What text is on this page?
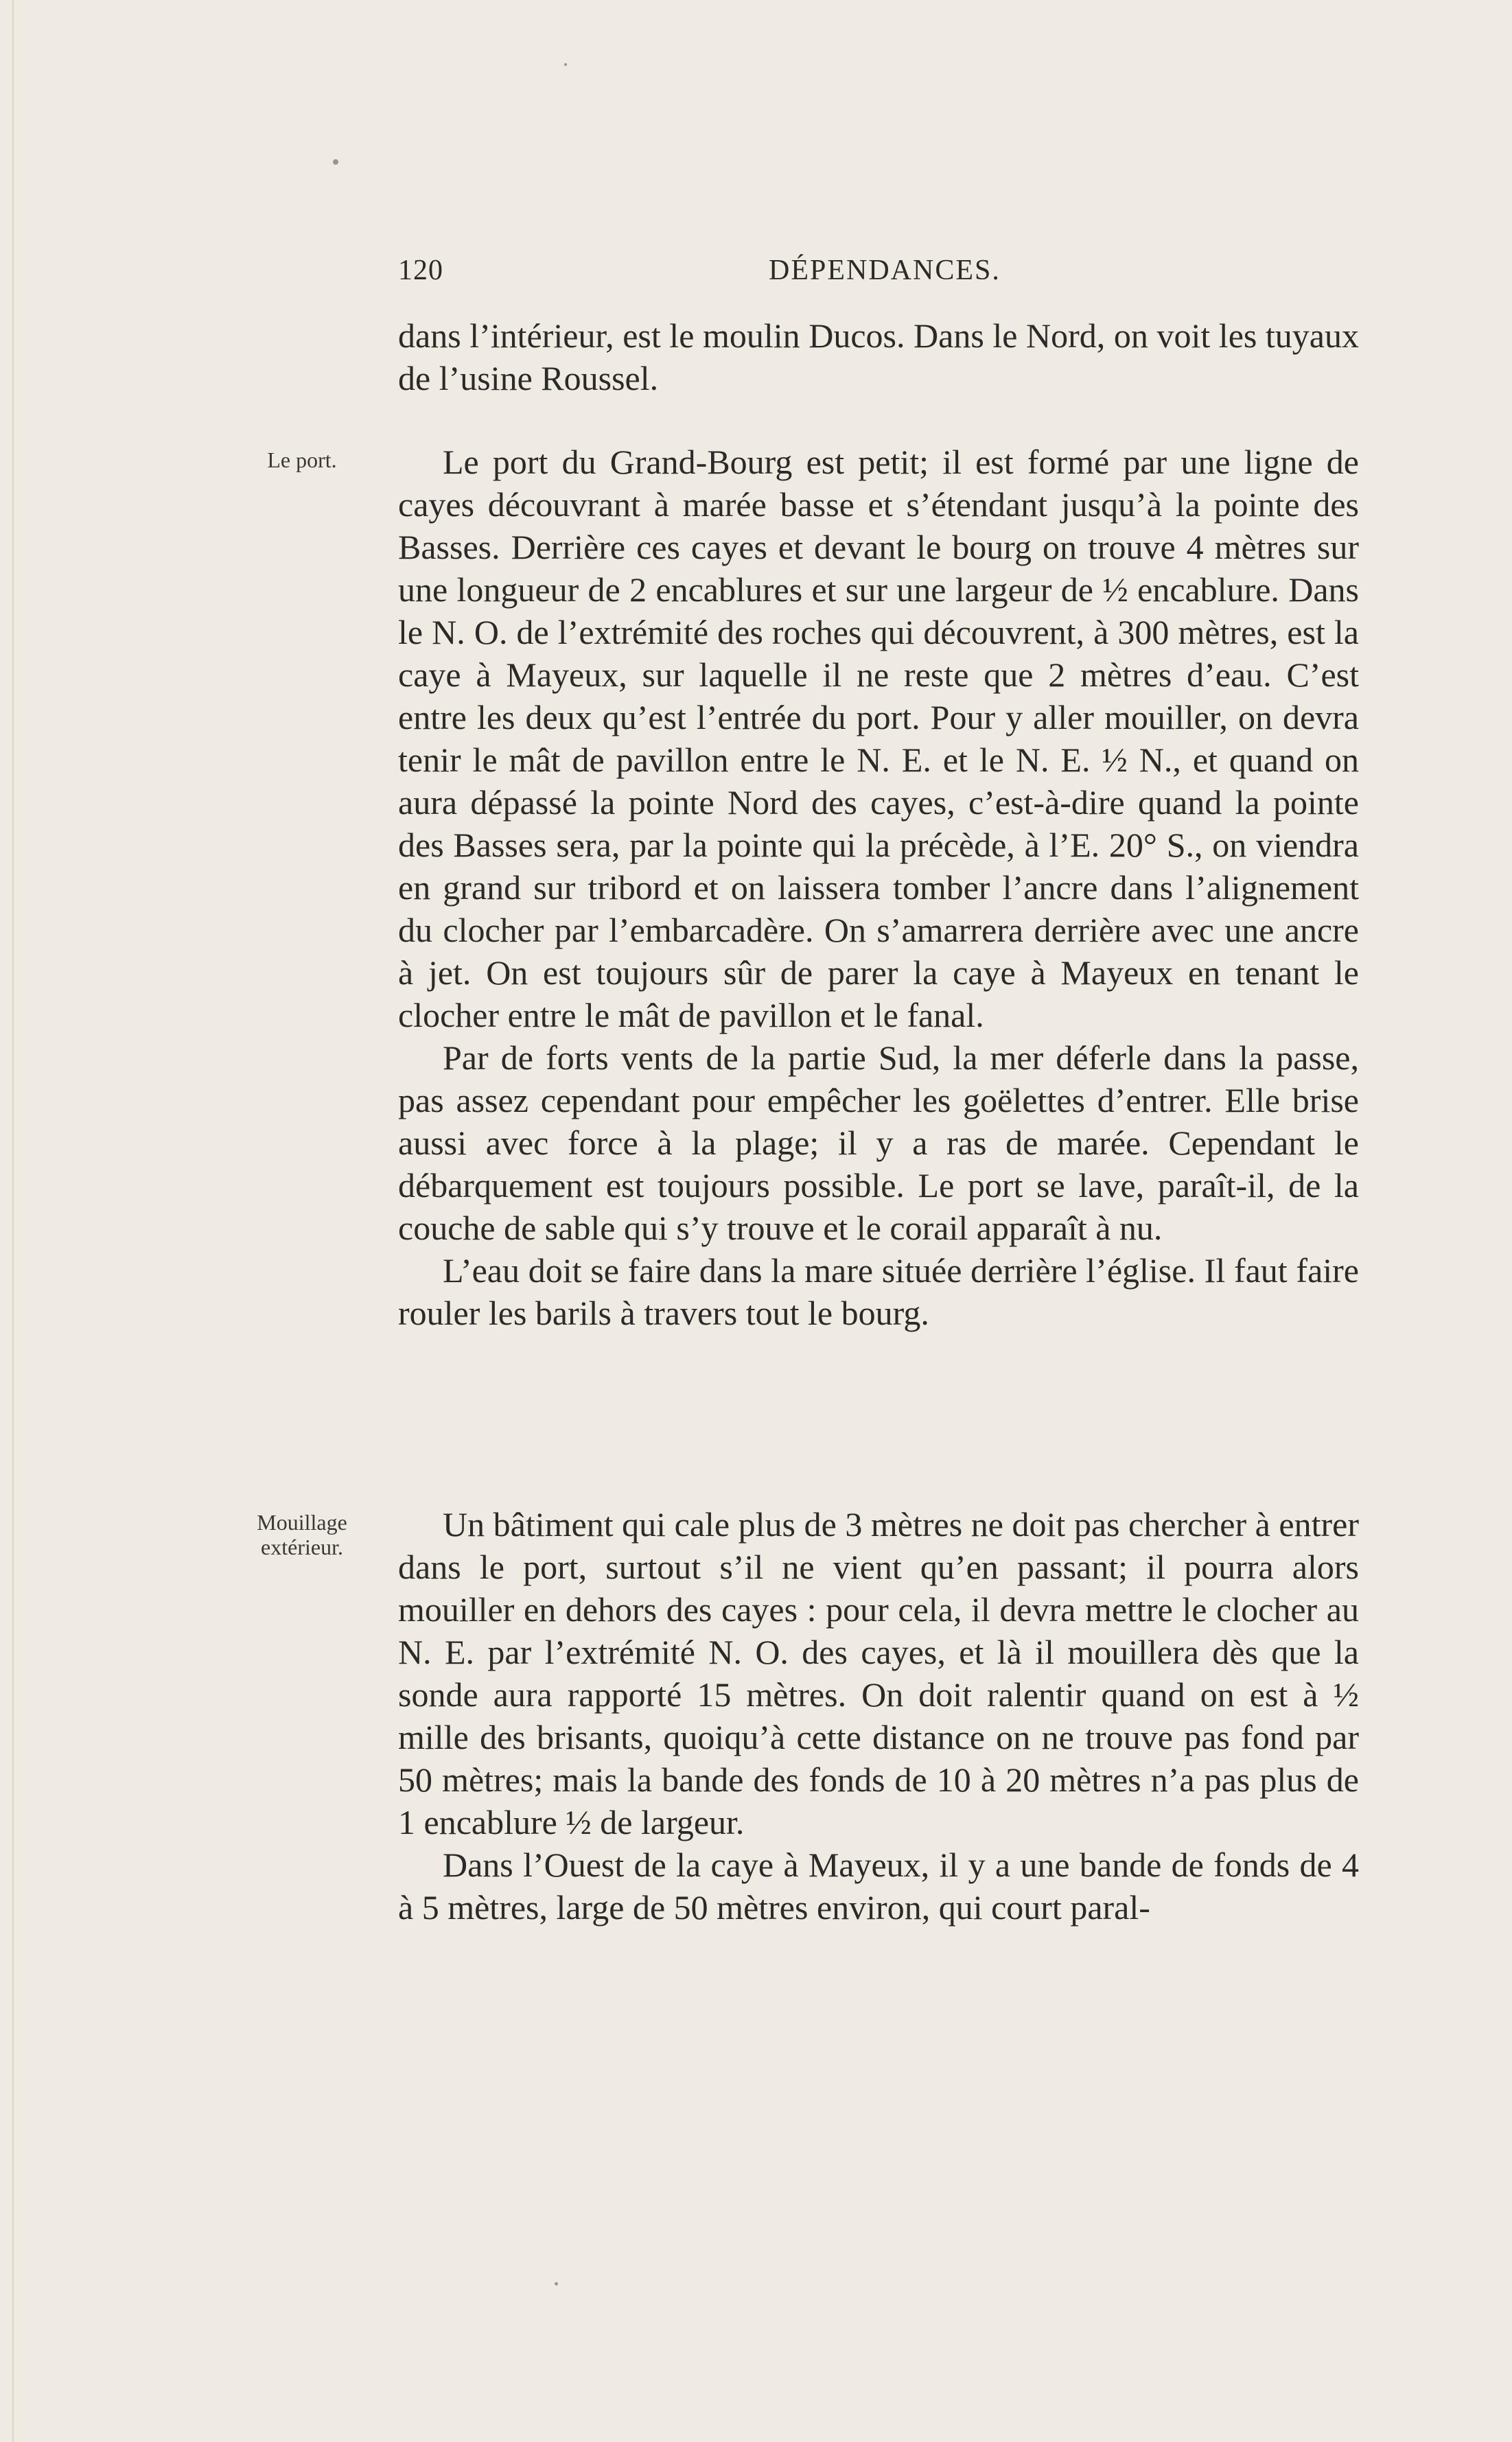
120	DÉPENDANCES.
Le port.
Mouillage extérieur.

dans l’intérieur, est le moulin Ducos. Dans le Nord, on voit les tuyaux de l’usine Roussel.

Le port du Grand-Bourg est petit; il est formé par une ligne de cayes découvrant à marée basse et s’étendant jusqu’à la pointe des Basses. Derrière ces cayes et devant le bourg on trouve 4 mètres sur une longueur de 2 encablures et sur une largeur de ½ encablure. Dans le N. O. de l’extrémité des roches qui découvrent, à 300 mètres, est la caye à Mayeux, sur laquelle il ne reste que 2 mètres d’eau. C’est entre les deux qu’est l’entrée du port. Pour y aller mouiller, on devra tenir le mât de pavillon entre le N. E. et le N. E. ½ N., et quand on aura dépassé la pointe Nord des cayes, c’est-à-dire quand la pointe des Basses sera, par la pointe qui la précède, à l’E. 20° S., on viendra en grand sur tribord et on laissera tomber l’ancre dans l’alignement du clocher par l’embarcadère. On s’amarrera derrière avec une ancre à jet. On est toujours sûr de parer la caye à Mayeux en tenant le clocher entre le mât de pavillon et le fanal.

Par de forts vents de la partie Sud, la mer déferle dans la passe, pas assez cependant pour empêcher les goëlettes d’entrer. Elle brise aussi avec force à la plage; il y a ras de marée. Cependant le débarquement est toujours possible. Le port se lave, paraît-il, de la couche de sable qui s’y trouve et le corail apparaît à nu.

L’eau doit se faire dans la mare située derrière l’église. Il faut faire rouler les barils à travers tout le bourg.

Un bâtiment qui cale plus de 3 mètres ne doit pas chercher à entrer dans le port, surtout s’il ne vient qu’en passant; il pourra alors mouiller en dehors des cayes : pour cela, il devra mettre le clocher au N. E. par l’extrémité N. O. des cayes, et là il mouillera dès que la sonde aura rapporté 15 mètres. On doit ralentir quand on est à ½ mille des brisants, quoiqu’à cette distance on ne trouve pas fond par 50 mètres; mais la bande des fonds de 10 à 20 mètres n’a pas plus de 1 encablure ½ de largeur.

Dans l’Ouest de la caye à Mayeux, il y a une bande de fonds de 4 à 5 mètres, large de 50 mètres environ, qui court paral-
